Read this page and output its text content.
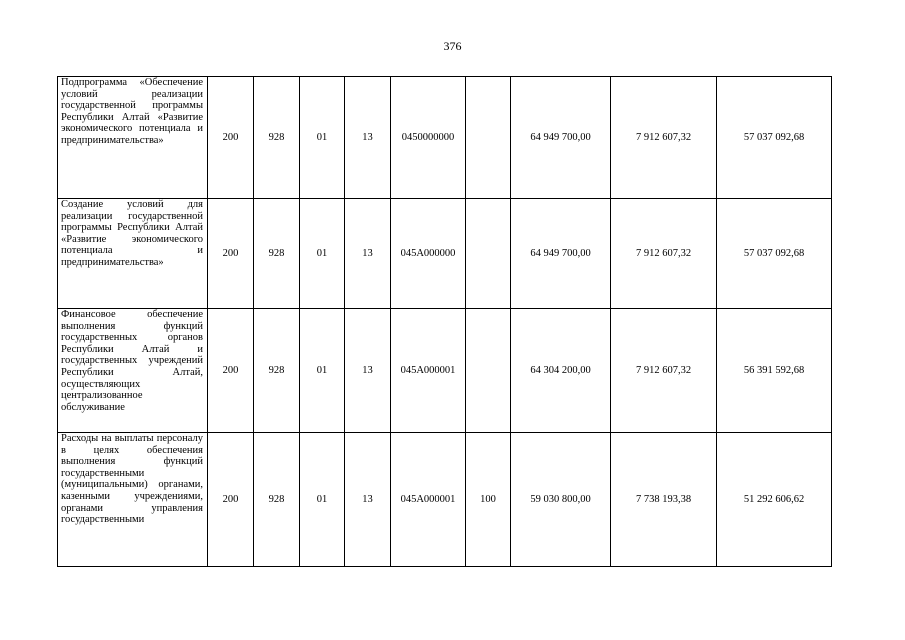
376
Подпрограмма «Обеспечение условий реализации государственной программы Республики Алтай «Развитие экономического потенциала и предпринимательства»	200	928	01	13	0450000000		64 949 700,00	7 912 607,32	57 037 092,68
Создание условий для реализации государственной программы Республики Алтай «Развитие экономического потенциала и предпринимательства»	200	928	01	13	045А000000		64 949 700,00	7 912 607,32	57 037 092,68
Финансовое обеспечение выполнения функций государственных органов Республики Алтай и государственных учреждений Республики Алтай, осуществляющих централизованное обслуживание	200	928	01	13	045А000001		64 304 200,00	7 912 607,32	56 391 592,68
Расходы на выплаты персоналу в целях обеспечения выполнения функций государственными (муниципальными) органами, казенными учреждениями, органами управления государственными	200	928	01	13	045А000001	100	59 030 800,00	7 738 193,38	51 292 606,62
